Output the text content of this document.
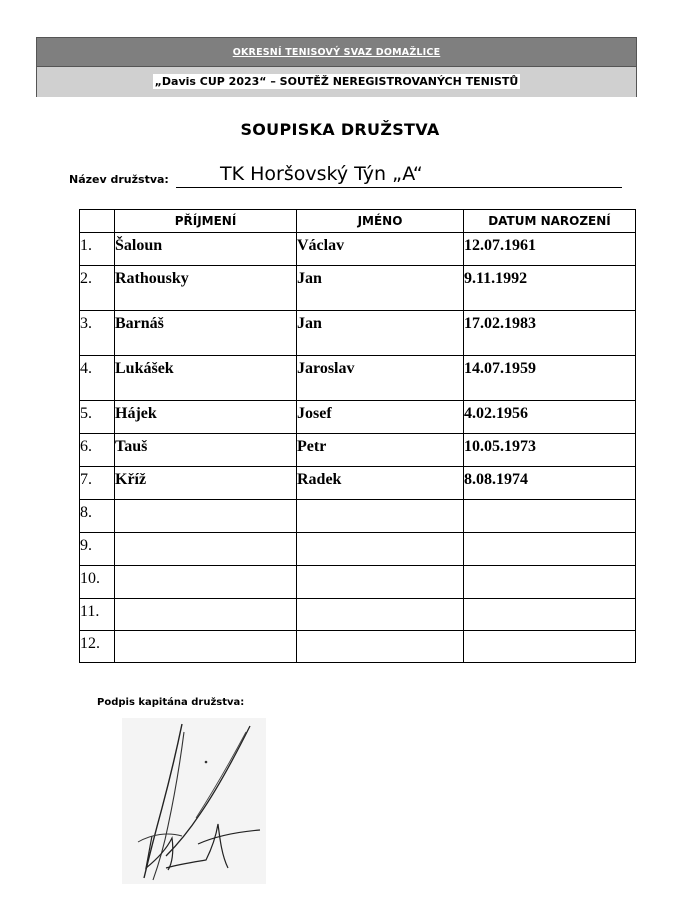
OKRESNÍ TENISOVÝ SVAZ DOMAŽLICE
„Davis CUP 2023“ – SOUTĚŽ NEREGISTROVANÝCH TENISTŮ
SOUPISKA DRUŽSTVA
Název družstva:	TK Horšovský Týn „A“
	PŘÍJMENÍ	JMÉNO	DATUM NAROZENÍ
1.	Šaloun	Václav	12.07.1961
2.	Rathousky	Jan	9.11.1992
3.	Barnáš	Jan	17.02.1983
4.	Lukášek	Jaroslav	14.07.1959
5.	Hájek	Josef	4.02.1956
6.	Tauš	Petr	10.05.1973
7.	Kříž	Radek	8.08.1974
8.			
9.			
10.			
11.			
12.			
Podpis kapitána družstva:
